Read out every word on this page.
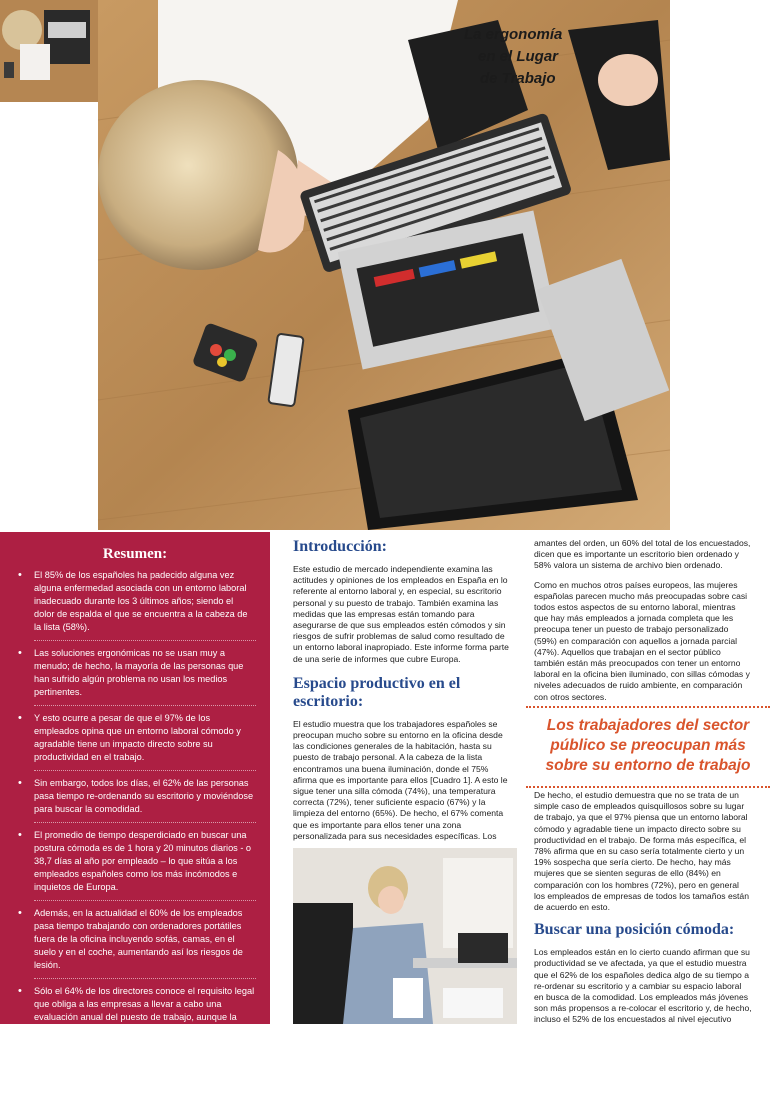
La ergonomía
en el Lugar
de Trabajo
Resumen:
• El 85% de los españoles ha padecido alguna vez alguna enfermedad asociada con un entorno laboral inadecuado durante los 3 últimos años; siendo el dolor de espalda el que se encuentra a la cabeza de la lista (58%).
• Las soluciones ergonómicas no se usan muy a menudo; de hecho, la mayoría de las personas que han sufrido algún problema no usan los medios pertinentes.
• Y esto ocurre a pesar de que el 97% de los empleados opina que un entorno laboral cómodo y agradable tiene un impacto directo sobre su productividad en el trabajo.
• Sin embargo, todos los días, el 62% de las personas pasa tiempo re-ordenando su escritorio y moviéndose para buscar la comodidad.
• El promedio de tiempo desperdiciado en buscar una postura cómoda es de 1 hora y 20 minutos diarios - o 38,7 días al año por empleado – lo que sitúa a los empleados españoles como los más incómodos e inquietos de Europa.
• Además, en la actualidad el 60% de los empleados pasa tiempo trabajando con ordenadores portátiles fuera de la oficina incluyendo sofás, camas, en el suelo y en el coche, aumentando así los riesgos de lesión.
• Sólo el 64% de los directores conoce el requisito legal que obliga a las empresas a llevar a cabo una evaluación anual del puesto de trabajo, aunque la cifra es mayor que en otros países.
• De hecho, las empresas españolas eclipsan a sus homólogos europeos en lo que se refiere a llevar a cabo dichas evaluaciones.
Introducción:

Este estudio de mercado independiente examina las actitudes y opiniones de los empleados en España en lo referente al entorno laboral y, en especial, su escritorio personal y su puesto de trabajo. También examina las medidas que las empresas están tomando para asegurarse de que sus empleados estén cómodos y sin riesgos de sufrir problemas de salud como resultado de un entorno laboral inapropiado. Este informe forma parte de una serie de informes que cubre Europa.

Espacio productivo en el escritorio:

El estudio muestra que los trabajadores españoles se preocupan mucho sobre su entorno en la oficina desde las condiciones generales de la habitación, hasta su puesto de trabajo personal. A la cabeza de la lista encontramos una buena iluminación, donde el 75% afirma que es importante para ellos [Cuadro 1]. A esto le sigue tener una silla cómoda (74%), una temperatura correcta (72%), tener suficiente espacio (67%) y la limpieza del entorno (65%). De hecho, el 67% comenta que es importante para ellos tener una zona personalizada para sus necesidades específicas. Los

amantes del orden, un 60% del total de los encuestados, dicen que es importante un escritorio bien ordenado y 58% valora un sistema de archivo bien ordenado.

Como en muchos otros países europeos, las mujeres españolas parecen mucho más preocupadas sobre casi todos estos aspectos de su entorno laboral, mientras que hay más empleados a jornada completa que les preocupa tener un puesto de trabajo personalizado (59%) en comparación con aquellos a jornada parcial (47%). Aquellos que trabajan en el sector público también están más preocupados con tener un entorno laboral en la oficina bien iluminado, con sillas cómodas y niveles adecuados de ruido ambiente, en comparación con otros sectores.

Los trabajadores del sector público se preocupan más sobre su entorno de trabajo

De hecho, el estudio demuestra que no se trata de un simple caso de empleados quisquillosos sobre su lugar de trabajo, ya que el 97% piensa que un entorno laboral cómodo y agradable tiene un impacto directo sobre su productividad en el trabajo. De forma más específica, el 78% afirma que en su caso sería totalmente cierto y un 19% sospecha que sería cierto. De hecho, hay más mujeres que se sienten seguras de ello (84%) en comparación con los hombres (72%), pero en general los empleados de empresas de todos los tamaños están de acuerdo en esto.

Buscar una posición cómoda:

Los empleados están en lo cierto cuando afirman que su productividad se ve afectada, ya que el estudio muestra que el 62% de los españoles dedica algo de su tiempo a re-ordenar su escritorio y a cambiar su espacio laboral en busca de la comodidad. Los empleados más jóvenes son más propensos a re-colocar el escritorio y, de hecho, incluso el 52% de los encuestados al nivel ejecutivo
